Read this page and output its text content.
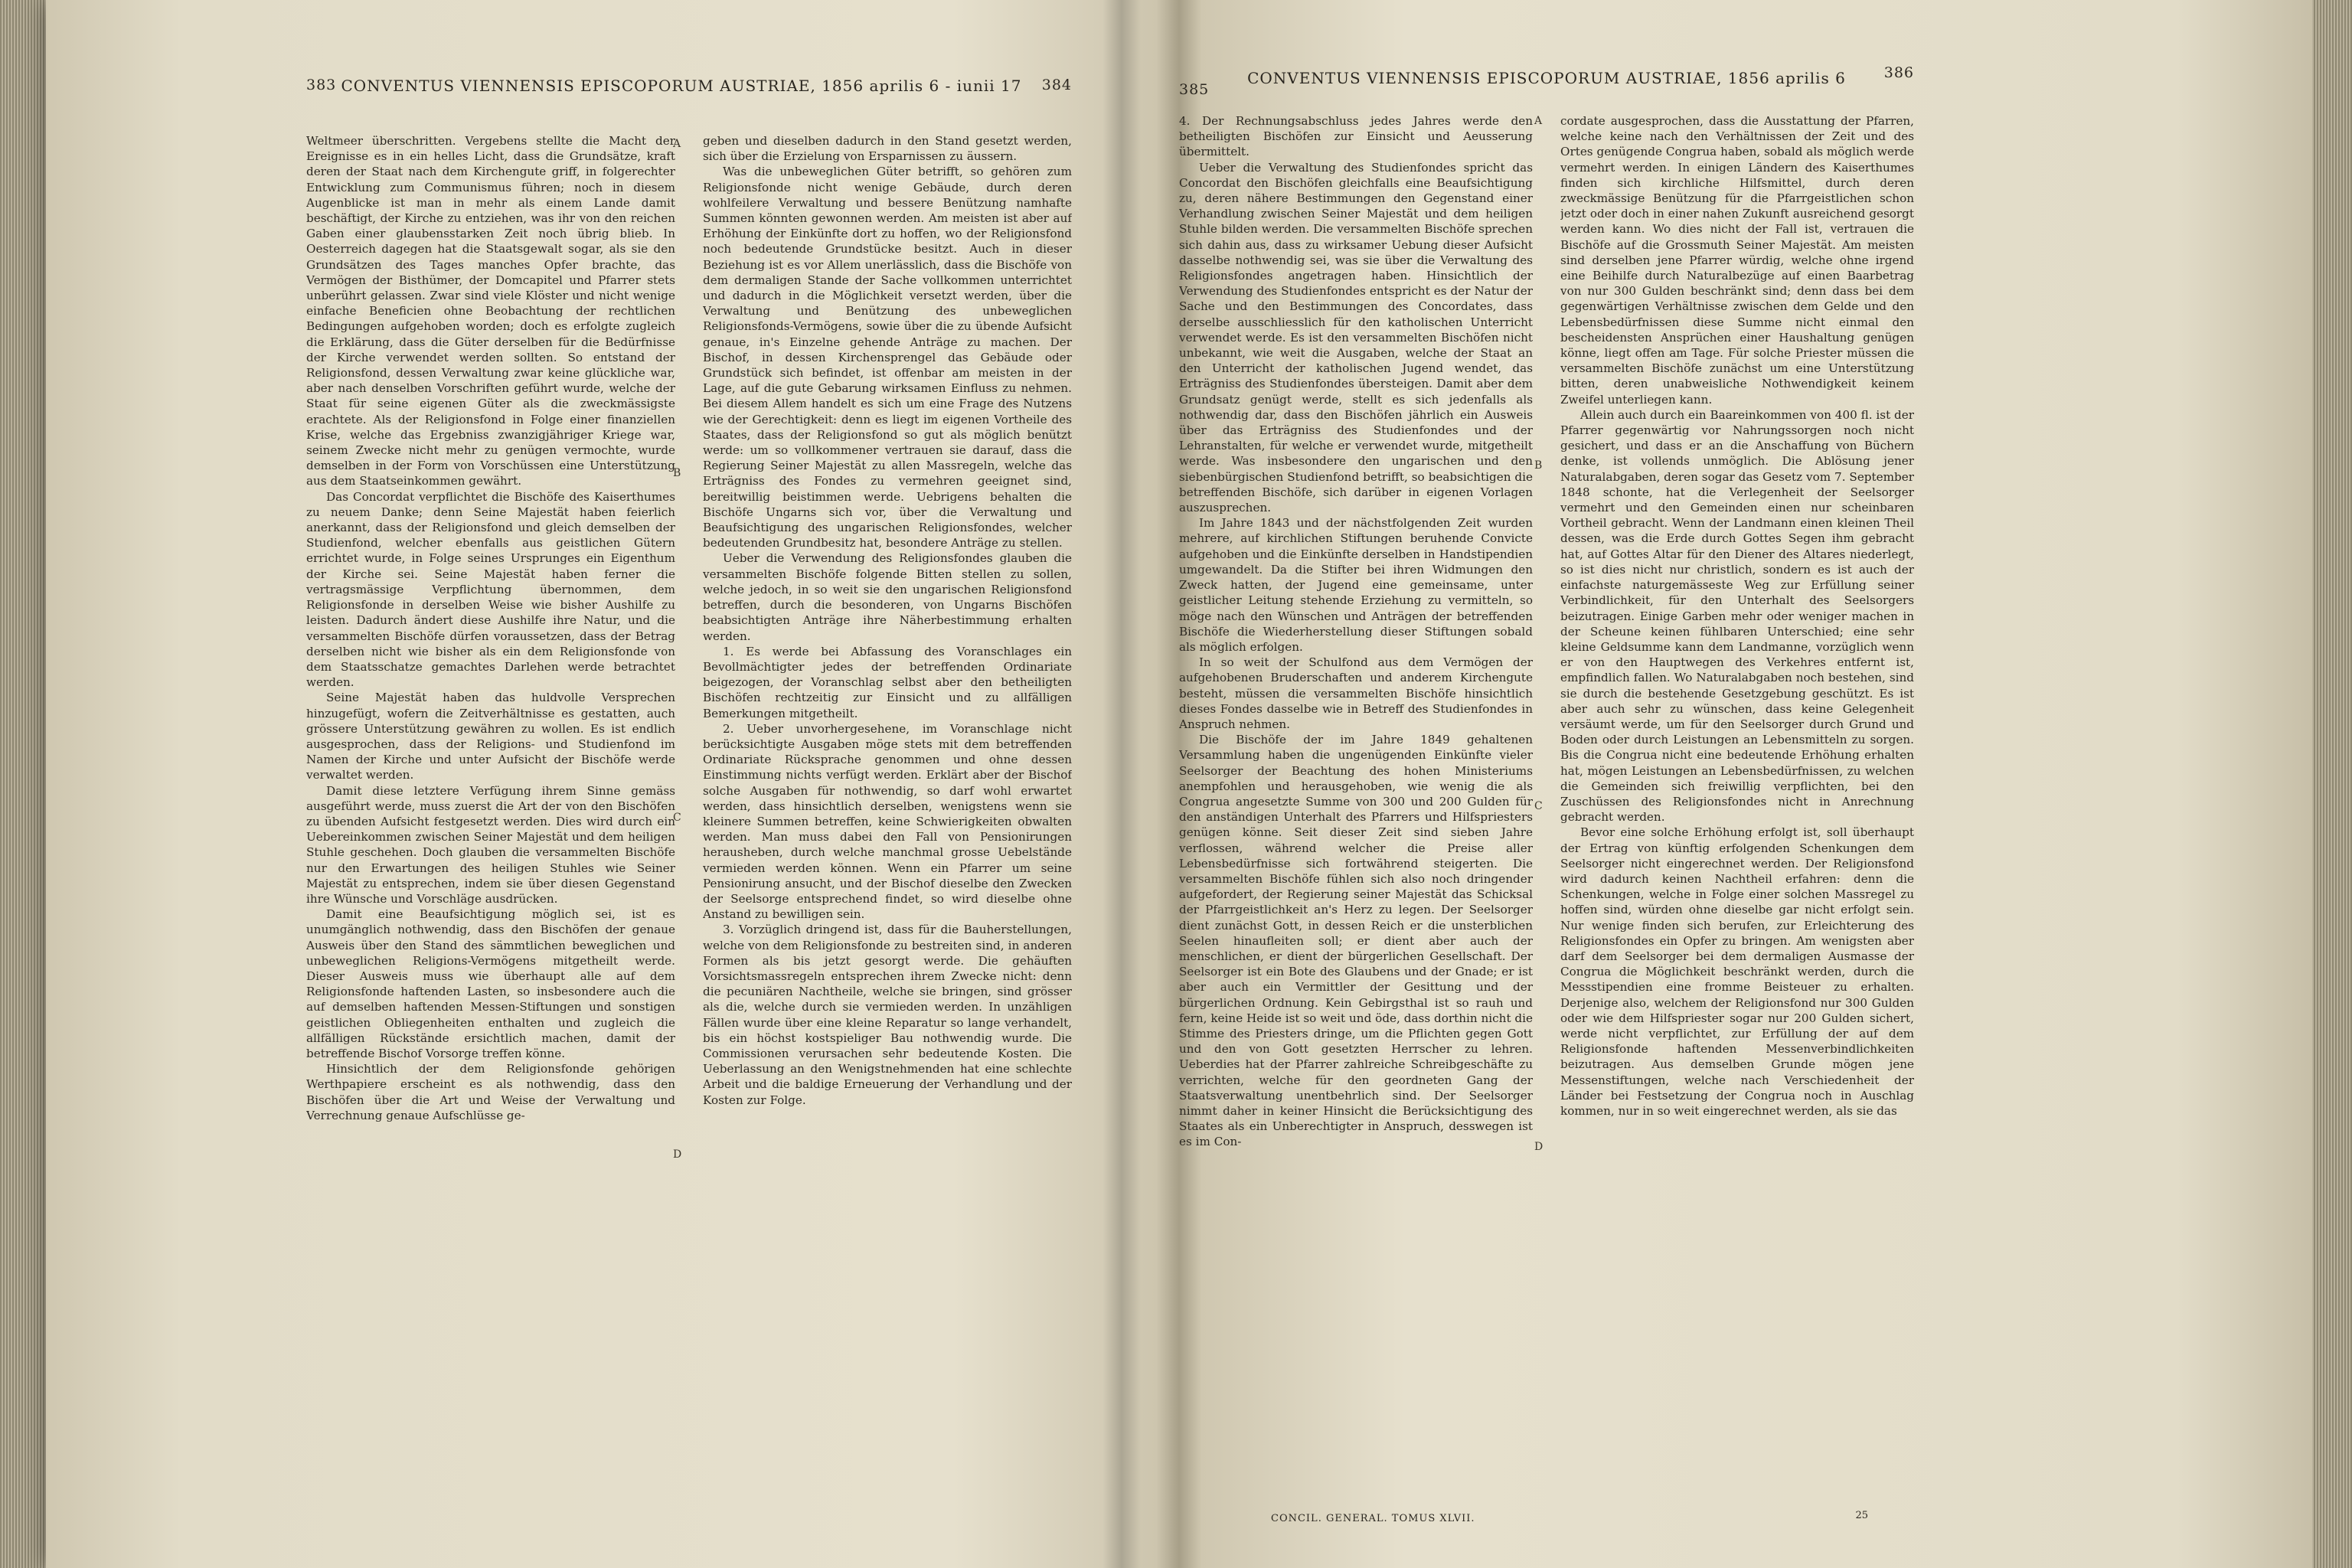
383 CONVENTUS VIENNENSIS EPISCOPORUM AUSTRIAE, 1856 aprilis 6 - iunii 17 384

Weltmeer überschritten. Vergebens stellte die Macht der Ereignisse es in ein helles Licht, dass die Grundsätze, kraft deren der Staat nach dem Kirchengute griff, in folgerechter Entwicklung zum Communismus führen; noch in diesem Augenblicke ist man in mehr als einem Lande damit beschäftigt, der Kirche zu entziehen, was ihr von den reichen Gaben einer glaubensstarken Zeit noch übrig blieb. In Oesterreich dagegen hat die Staatsgewalt sogar, als sie den Grundsätzen des Tages manches Opfer brachte, das Vermögen der Bisthümer, der Domcapitel und Pfarrer stets unberührt gelassen. Zwar sind viele Klöster und nicht wenige einfache Beneficien ohne Beobachtung der rechtlichen Bedingungen aufgehoben worden; doch es erfolgte zugleich die Erklärung, dass die Güter derselben für die Bedürfnisse der Kirche verwendet werden sollten. So entstand der Religionsfond, dessen Verwaltung zwar keine glückliche war, aber nach denselben Vorschriften geführt wurde, welche der Staat für seine eigenen Güter als die zweckmässigste erachtete. Als der Religionsfond in Folge einer finanziellen Krise, welche das Ergebniss zwanzigjähriger Kriege war, seinem Zwecke nicht mehr zu genügen vermochte, wurde demselben in der Form von Vorschüssen eine Unterstützung aus dem Staatseinkommen gewährt.

Das Concordat verpflichtet die Bischöfe des Kaiserthumes zu neuem Danke; denn Seine Majestät haben feierlich anerkannt, dass der Religionsfond und gleich demselben der Studienfond, welcher ebenfalls aus geistlichen Gütern errichtet wurde, in Folge seines Ursprunges ein Eigenthum der Kirche sei. Seine Majestät haben ferner die vertragsmässige Verpflichtung übernommen, dem Religionsfonde in derselben Weise wie bisher Aushilfe zu leisten. Dadurch ändert diese Aushilfe ihre Natur, und die versammelten Bischöfe dürfen voraussetzen, dass der Betrag derselben nicht wie bisher als ein dem Religionsfonde von dem Staatsschatze gemachtes Darlehen werde betrachtet werden.

Seine Majestät haben das huldvolle Versprechen hinzugefügt, wofern die Zeitverhältnisse es gestatten, auch grössere Unterstützung gewähren zu wollen. Es ist endlich ausgesprochen, dass der Religions- und Studienfond im Namen der Kirche und unter Aufsicht der Bischöfe werde verwaltet werden.

Damit diese letztere Verfügung ihrem Sinne gemäss ausgeführt werde, muss zuerst die Art der von den Bischöfen zu übenden Aufsicht festgesetzt werden. Dies wird durch ein Uebereinkommen zwischen Seiner Majestät und dem heiligen Stuhle geschehen. Doch glauben die versammelten Bischöfe nur den Erwartungen des heiligen Stuhles wie Seiner Majestät zu entsprechen, indem sie über diesen Gegenstand ihre Wünsche und Vorschläge ausdrücken.

Damit eine Beaufsichtigung möglich sei, ist es unumgänglich nothwendig, dass den Bischöfen der genaue Ausweis über den Stand des sämmtlichen beweglichen und unbeweglichen Religions-Vermögens mitgetheilt werde. Dieser Ausweis muss wie überhaupt alle auf dem Religionsfonde haftenden Lasten, so insbesondere auch die auf demselben haftenden Messen-Stiftungen und sonstigen geistlichen Obliegenheiten enthalten und zugleich die allfälligen Rückstände ersichtlich machen, damit der betreffende Bischof Vorsorge treffen könne.

Hinsichtlich der dem Religionsfonde gehörigen Werthpapiere erscheint es als nothwendig, dass den Bischöfen über die Art und Weise der Verwaltung und Verrechnung genaue Aufschlüsse ge-

geben und dieselben dadurch in den Stand gesetzt werden, sich über die Erzielung von Ersparnissen zu äussern.

Was die unbeweglichen Güter betrifft, so gehören zum Religionsfonde nicht wenige Gebäude, durch deren wohlfeilere Verwaltung und bessere Benützung namhafte Summen könnten gewonnen werden. Am meisten ist aber auf Erhöhung der Einkünfte dort zu hoffen, wo der Religionsfond noch bedeutende Grundstücke besitzt. Auch in dieser Beziehung ist es vor Allem unerlässlich, dass die Bischöfe von dem dermaligen Stande der Sache vollkommen unterrichtet und dadurch in die Möglichkeit versetzt werden, über die Verwaltung und Benützung des unbeweglichen Religionsfonds-Vermögens, sowie über die zu übende Aufsicht genaue, in's Einzelne gehende Anträge zu machen. Der Bischof, in dessen Kirchensprengel das Gebäude oder Grundstück sich befindet, ist offenbar am meisten in der Lage, auf die gute Gebarung wirksamen Einfluss zu nehmen. Bei diesem Allem handelt es sich um eine Frage des Nutzens wie der Gerechtigkeit: denn es liegt im eigenen Vortheile des Staates, dass der Religionsfond so gut als möglich benützt werde: um so vollkommener vertrauen sie darauf, dass die Regierung Seiner Majestät zu allen Massregeln, welche das Erträgniss des Fondes zu vermehren geeignet sind, bereitwillig beistimmen werde. Uebrigens behalten die Bischöfe Ungarns sich vor, über die Verwaltung und Beaufsichtigung des ungarischen Religionsfondes, welcher bedeutenden Grundbesitz hat, besondere Anträge zu stellen.

Ueber die Verwendung des Religionsfondes glauben die versammelten Bischöfe folgende Bitten stellen zu sollen, welche jedoch, in so weit sie den ungarischen Religionsfond betreffen, durch die besonderen, von Ungarns Bischöfen beabsichtigten Anträge ihre Näherbestimmung erhalten werden.

1. Es werde bei Abfassung des Voranschlages ein Bevollmächtigter jedes der betreffenden Ordinariate beigezogen, der Voranschlag selbst aber den betheiligten Bischöfen rechtzeitig zur Einsicht und zu allfälligen Bemerkungen mitgetheilt.

2. Ueber unvorhergesehene, im Voranschlage nicht berücksichtigte Ausgaben möge stets mit dem betreffenden Ordinariate Rücksprache genommen und ohne dessen Einstimmung nichts verfügt werden. Erklärt aber der Bischof solche Ausgaben für nothwendig, so darf wohl erwartet werden, dass hinsichtlich derselben, wenigstens wenn sie kleinere Summen betreffen, keine Schwierigkeiten obwalten werden. Man muss dabei den Fall von Pensionirungen herausheben, durch welche manchmal grosse Uebelstände vermieden werden können. Wenn ein Pfarrer um seine Pensionirung ansucht, und der Bischof dieselbe den Zwecken der Seelsorge entsprechend findet, so wird dieselbe ohne Anstand zu bewilligen sein.

3. Vorzüglich dringend ist, dass für die Bauherstellungen, welche von dem Religionsfonde zu bestreiten sind, in anderen Formen als bis jetzt gesorgt werde. Die gehäuften Vorsichtsmassregeln entsprechen ihrem Zwecke nicht: denn die pecuniären Nachtheile, welche sie bringen, sind grösser als die, welche durch sie vermieden werden. In unzähligen Fällen wurde über eine kleine Reparatur so lange verhandelt, bis ein höchst kostspieliger Bau nothwendig wurde. Die Commissionen verursachen sehr bedeutende Kosten. Die Ueberlassung an den Wenigstnehmenden hat eine schlechte Arbeit und die baldige Erneuerung der Verhandlung und der Kosten zur Folge.

A
B
C
D
385
CONVENTUS VIENNENSIS EPISCOPORUM AUSTRIAE, 1856 aprilis 6	386

4. Der Rechnungsabschluss jedes Jahres werde den betheiligten Bischöfen zur Einsicht und Aeusserung übermittelt.

Ueber die Verwaltung des Studienfondes spricht das Concordat den Bischöfen gleichfalls eine Beaufsichtigung zu, deren nähere Bestimmungen den Gegenstand einer Verhandlung zwischen Seiner Majestät und dem heiligen Stuhle bilden werden. Die versammelten Bischöfe sprechen sich dahin aus, dass zu wirksamer Uebung dieser Aufsicht dasselbe nothwendig sei, was sie über die Verwaltung des Religionsfondes angetragen haben. Hinsichtlich der Verwendung des Studienfondes entspricht es der Natur der Sache und den Bestimmungen des Concordates, dass derselbe ausschliesslich für den katholischen Unterricht verwendet werde. Es ist den versammelten Bischöfen nicht unbekannt, wie weit die Ausgaben, welche der Staat an den Unterricht der katholischen Jugend wendet, das Erträgniss des Studienfondes übersteigen. Damit aber dem Grundsatz genügt werde, stellt es sich jedenfalls als nothwendig dar, dass den Bischöfen jährlich ein Ausweis über das Erträgniss des Studienfondes und der Lehranstalten, für welche er verwendet wurde, mitgetheilt werde. Was insbesondere den ungarischen und den siebenbürgischen Studienfond betrifft, so beabsichtigen die betreffenden Bischöfe, sich darüber in eigenen Vorlagen auszusprechen.

Im Jahre 1843 und der nächstfolgenden Zeit wurden mehrere, auf kirchlichen Stiftungen beruhende Convicte aufgehoben und die Einkünfte derselben in Handstipendien umgewandelt. Da die Stifter bei ihren Widmungen den Zweck hatten, der Jugend eine gemeinsame, unter geistlicher Leitung stehende Erziehung zu vermitteln, so möge nach den Wünschen und Anträgen der betreffenden Bischöfe die Wiederherstellung dieser Stiftungen sobald als möglich erfolgen.

In so weit der Schulfond aus dem Vermögen der aufgehobenen Bruderschaften und anderem Kirchengute besteht, müssen die versammelten Bischöfe hinsichtlich dieses Fondes dasselbe wie in Betreff des Studienfondes in Anspruch nehmen.

Die Bischöfe der im Jahre 1849 gehaltenen Versammlung haben die ungenügenden Einkünfte vieler Seelsorger der Beachtung des hohen Ministeriums anempfohlen und herausgehoben, wie wenig die als Congrua angesetzte Summe von 300 und 200 Gulden für den anständigen Unterhalt des Pfarrers und Hilfspriesters genügen könne. Seit dieser Zeit sind sieben Jahre verflossen, während welcher die Preise aller Lebensbedürfnisse sich fortwährend steigerten. Die versammelten Bischöfe fühlen sich also noch dringender aufgefordert, der Regierung seiner Majestät das Schicksal der Pfarrgeistlichkeit an's Herz zu legen. Der Seelsorger dient zunächst Gott, in dessen Reich er die unsterblichen Seelen hinaufleiten soll; er dient aber auch der menschlichen, er dient der bürgerlichen Gesellschaft. Der Seelsorger ist ein Bote des Glaubens und der Gnade; er ist aber auch ein Vermittler der Gesittung und der bürgerlichen Ordnung. Kein Gebirgsthal ist so rauh und fern, keine Heide ist so weit und öde, dass dorthin nicht die Stimme des Priesters dringe, um die Pflichten gegen Gott und den von Gott gesetzten Herrscher zu lehren. Ueberdies hat der Pfarrer zahlreiche Schreibgeschäfte zu verrichten, welche für den geordneten Gang der Staatsverwaltung unentbehrlich sind. Der Seelsorger nimmt daher in keiner Hinsicht die Berücksichtigung des Staates als ein Unberechtigter in Anspruch, desswegen ist es im Con-

cordate ausgesprochen, dass die Ausstattung der Pfarren, welche keine nach den Verhältnissen der Zeit und des Ortes genügende Congrua haben, sobald als möglich werde vermehrt werden. In einigen Ländern des Kaiserthumes finden sich kirchliche Hilfsmittel, durch deren zweckmässige Benützung für die Pfarrgeistlichen schon jetzt oder doch in einer nahen Zukunft ausreichend gesorgt werden kann. Wo dies nicht der Fall ist, vertrauen die Bischöfe auf die Grossmuth Seiner Majestät. Am meisten sind derselben jene Pfarrer würdig, welche ohne irgend eine Beihilfe durch Naturalbezüge auf einen Baarbetrag von nur 300 Gulden beschränkt sind; denn dass bei dem gegenwärtigen Verhältnisse zwischen dem Gelde und den Lebensbedürfnissen diese Summe nicht einmal den bescheidensten Ansprüchen einer Haushaltung genügen könne, liegt offen am Tage. Für solche Priester müssen die versammelten Bischöfe zunächst um eine Unterstützung bitten, deren unabweisliche Nothwendigkeit keinem Zweifel unterliegen kann.

Allein auch durch ein Baareinkommen von 400 fl. ist der Pfarrer gegenwärtig vor Nahrungssorgen noch nicht gesichert, und dass er an die Anschaffung von Büchern denke, ist vollends unmöglich. Die Ablösung jener Naturalabgaben, deren sogar das Gesetz vom 7. September 1848 schonte, hat die Verlegenheit der Seelsorger vermehrt und den Gemeinden einen nur scheinbaren Vortheil gebracht. Wenn der Landmann einen kleinen Theil dessen, was die Erde durch Gottes Segen ihm gebracht hat, auf Gottes Altar für den Diener des Altares niederlegt, so ist dies nicht nur christlich, sondern es ist auch der einfachste naturgemässeste Weg zur Erfüllung seiner Verbindlichkeit, für den Unterhalt des Seelsorgers beizutragen. Einige Garben mehr oder weniger machen in der Scheune keinen fühlbaren Unterschied; eine sehr kleine Geldsumme kann dem Landmanne, vorzüglich wenn er von den Hauptwegen des Verkehres entfernt ist, empfindlich fallen. Wo Naturalabgaben noch bestehen, sind sie durch die bestehende Gesetzgebung geschützt. Es ist aber auch sehr zu wünschen, dass keine Gelegenheit versäumt werde, um für den Seelsorger durch Grund und Boden oder durch Leistungen an Lebensmitteln zu sorgen. Bis die Congrua nicht eine bedeutende Erhöhung erhalten hat, mögen Leistungen an Lebensbedürfnissen, zu welchen die Gemeinden sich freiwillig verpflichten, bei den Zuschüssen des Religionsfondes nicht in Anrechnung gebracht werden.

Bevor eine solche Erhöhung erfolgt ist, soll überhaupt der Ertrag von künftig erfolgenden Schenkungen dem Seelsorger nicht eingerechnet werden. Der Religionsfond wird dadurch keinen Nachtheil erfahren: denn die Schenkungen, welche in Folge einer solchen Massregel zu hoffen sind, würden ohne dieselbe gar nicht erfolgt sein. Nur wenige finden sich berufen, zur Erleichterung des Religionsfondes ein Opfer zu bringen. Am wenigsten aber darf dem Seelsorger bei dem dermaligen Ausmasse der Congrua die Möglichkeit beschränkt werden, durch die Messstipendien eine fromme Beisteuer zu erhalten. Derjenige also, welchem der Religionsfond nur 300 Gulden oder wie dem Hilfspriester sogar nur 200 Gulden sichert, werde nicht verpflichtet, zur Erfüllung der auf dem Religionsfonde haftenden Messenverbindlichkeiten beizutragen. Aus demselben Grunde mögen jene Messenstiftungen, welche nach Verschiedenheit der Länder bei Festsetzung der Congrua noch in Auschlag kommen, nur in so weit eingerechnet werden, als sie das

A
B
C
D
CONCIL. GENERAL. TOMUS XLVII.	25
